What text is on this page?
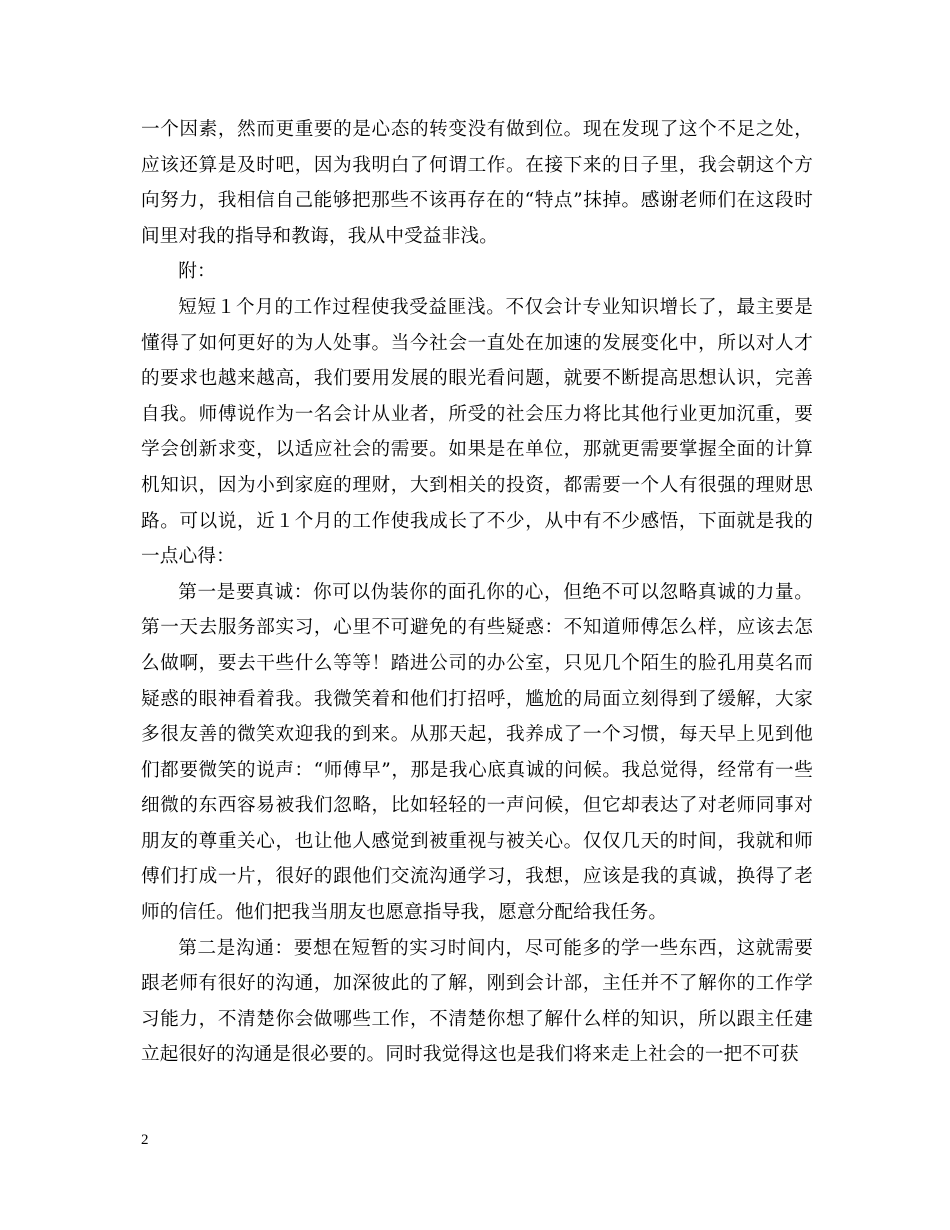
一个因素，然而更重要的是心态的转变没有做到位。现在发现了这个不足之处，应该还算是及时吧，因为我明白了何谓工作。在接下来的日子里，我会朝这个方向努力，我相信自己能够把那些不该再存在的“特点”抹掉。感谢老师们在这段时间里对我的指导和教诲，我从中受益非浅。

附：

短短１个月的工作过程使我受益匪浅。不仅会计专业知识增长了，最主要是懂得了如何更好的为人处事。当今社会一直处在加速的发展变化中，所以对人才的要求也越来越高，我们要用发展的眼光看问题，就要不断提高思想认识，完善自我。师傅说作为一名会计从业者，所受的社会压力将比其他行业更加沉重，要学会创新求变，以适应社会的需要。如果是在单位，那就更需要掌握全面的计算机知识，因为小到家庭的理财，大到相关的投资，都需要一个人有很强的理财思路。可以说，近１个月的工作使我成长了不少，从中有不少感悟，下面就是我的一点心得：

第一是要真诚：你可以伪装你的面孔你的心，但绝不可以忽略真诚的力量。第一天去服务部实习，心里不可避免的有些疑惑：不知道师傅怎么样，应该去怎么做啊，要去干些什么等等！踏进公司的办公室，只见几个陌生的脸孔用莫名而疑惑的眼神看着我。我微笑着和他们打招呼，尴尬的局面立刻得到了缓解，大家多很友善的微笑欢迎我的到来。从那天起，我养成了一个习惯，每天早上见到他们都要微笑的说声：“师傅早”，那是我心底真诚的问候。我总觉得，经常有一些细微的东西容易被我们忽略，比如轻轻的一声问候，但它却表达了对老师同事对朋友的尊重关心，也让他人感觉到被重视与被关心。仅仅几天的时间，我就和师傅们打成一片，很好的跟他们交流沟通学习，我想，应该是我的真诚，换得了老师的信任。他们把我当朋友也愿意指导我，愿意分配给我任务。

第二是沟通：要想在短暂的实习时间内，尽可能多的学一些东西，这就需要跟老师有很好的沟通，加深彼此的了解，刚到会计部，主任并不了解你的工作学习能力，不清楚你会做哪些工作，不清楚你想了解什么样的知识，所以跟主任建立起很好的沟通是很必要的。同时我觉得这也是我们将来走上社会的一把不可获

2
